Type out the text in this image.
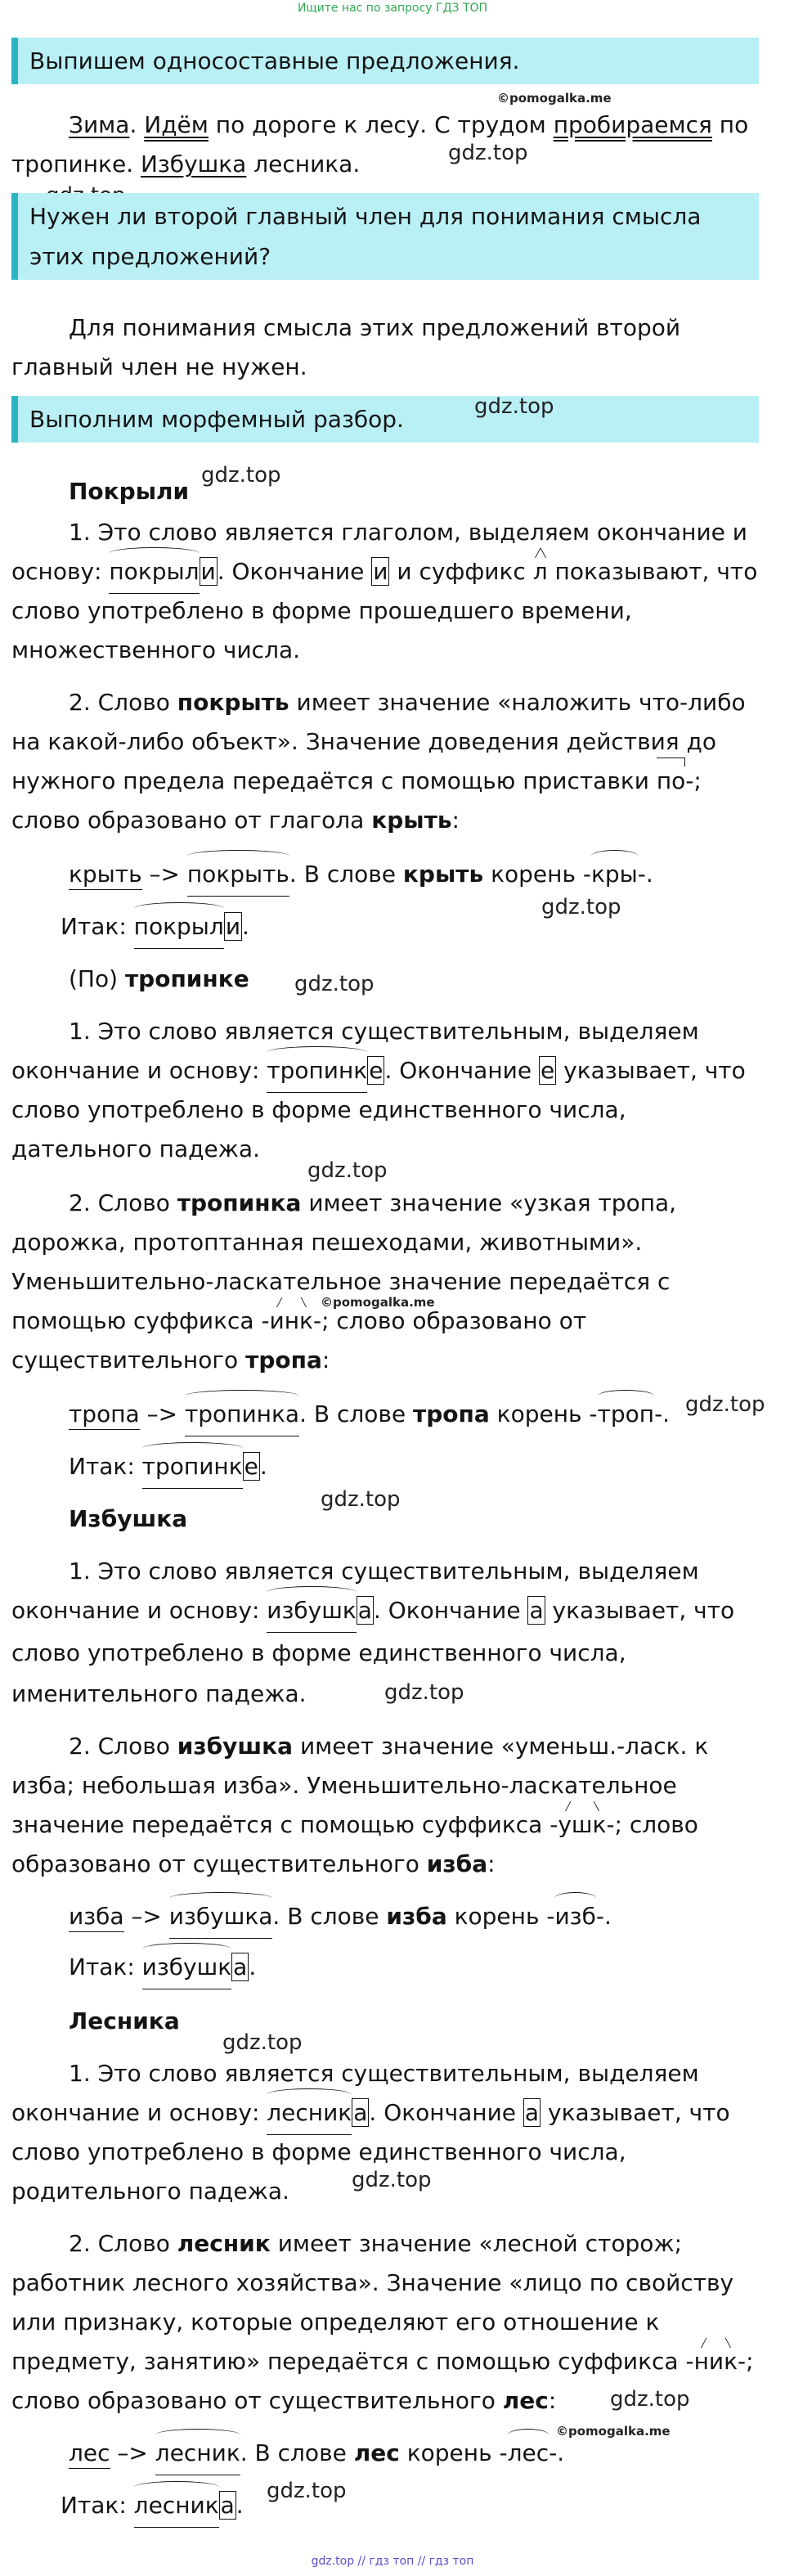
Ищите нас по запросу ГДЗ ТОП
Выпишем односоставные предложения.
Зима. Идём по дороге к лесу. С трудом пробираемся по
тропинке. Избушка лесника.
©pomogalka.me
gdz.top
Нужен ли второй главный член для понимания смысла
этих предложений?
Для понимания смысла этих предложений второй
главный член не нужен.
Выполним морфемный разбор.	gdz.top
gdz.top
Покрыли
1. Это слово является глаголом, выделяем окончание и
основу: покрыли. Окончание и и суффикс л показывают, что
слово употреблено в форме прошедшего времени,
множественного числа.
2. Слово покрыть имеет значение «наложить что-либо
на какой-либо объект». Значение доведения действия до
нужного предела передаётся с помощью приставки по-;
слово образовано от глагола крыть:
крыть –> покрыть. В слове крыть корень -кры-.
gdz.top
Итак: покрыли.
(По) тропинке gdz.top
1. Это слово является существительным, выделяем
окончание и основу: тропинке. Окончание е указывает, что
слово употреблено в форме единственного числа,
дательного падежа.
gdz.top
2. Слово тропинка имеет значение «узкая тропа,
дорожка, протоптанная пешеходами, животными».
Уменьшительно-ласкательное значение передаётся с
©pomogalka.me
помощью суффикса -инк-; слово образовано от
существительного тропа:
тропа –> тропинка. В слове тропа корень -троп-. gdz.top
Итак: тропинке.
gdz.top
Избушка
1. Это слово является существительным, выделяем
окончание и основу: избушка. Окончание а указывает, что
слово употреблено в форме единственного числа,
именительного падежа.	gdz.top
2. Слово избушка имеет значение «уменьш.-ласк. к
изба; небольшая изба». Уменьшительно-ласкательное
значение передаётся с помощью суффикса -ушк-; слово
образовано от существительного изба:
изба –> избушка. В слове изба корень -изб-.
Итак: избушка.
Лесника
gdz.top
1. Это слово является существительным, выделяем
окончание и основу: лесника. Окончание а указывает, что
слово употреблено в форме единственного числа,
gdz.top
родительного падежа.
2. Слово лесник имеет значение «лесной сторож;
работник лесного хозяйства». Значение «лицо по свойству
или признаку, которые определяют его отношение к
предмету, занятию» передаётся с помощью суффикса -ник-;
gdz.top
слово образовано от существительного лес:
©pomogalka.me
лес –> лесник. В слове лес корень -лес-.
gdz.top
Итак: лесника.
gdz.top // гдз топ // гдз топ
